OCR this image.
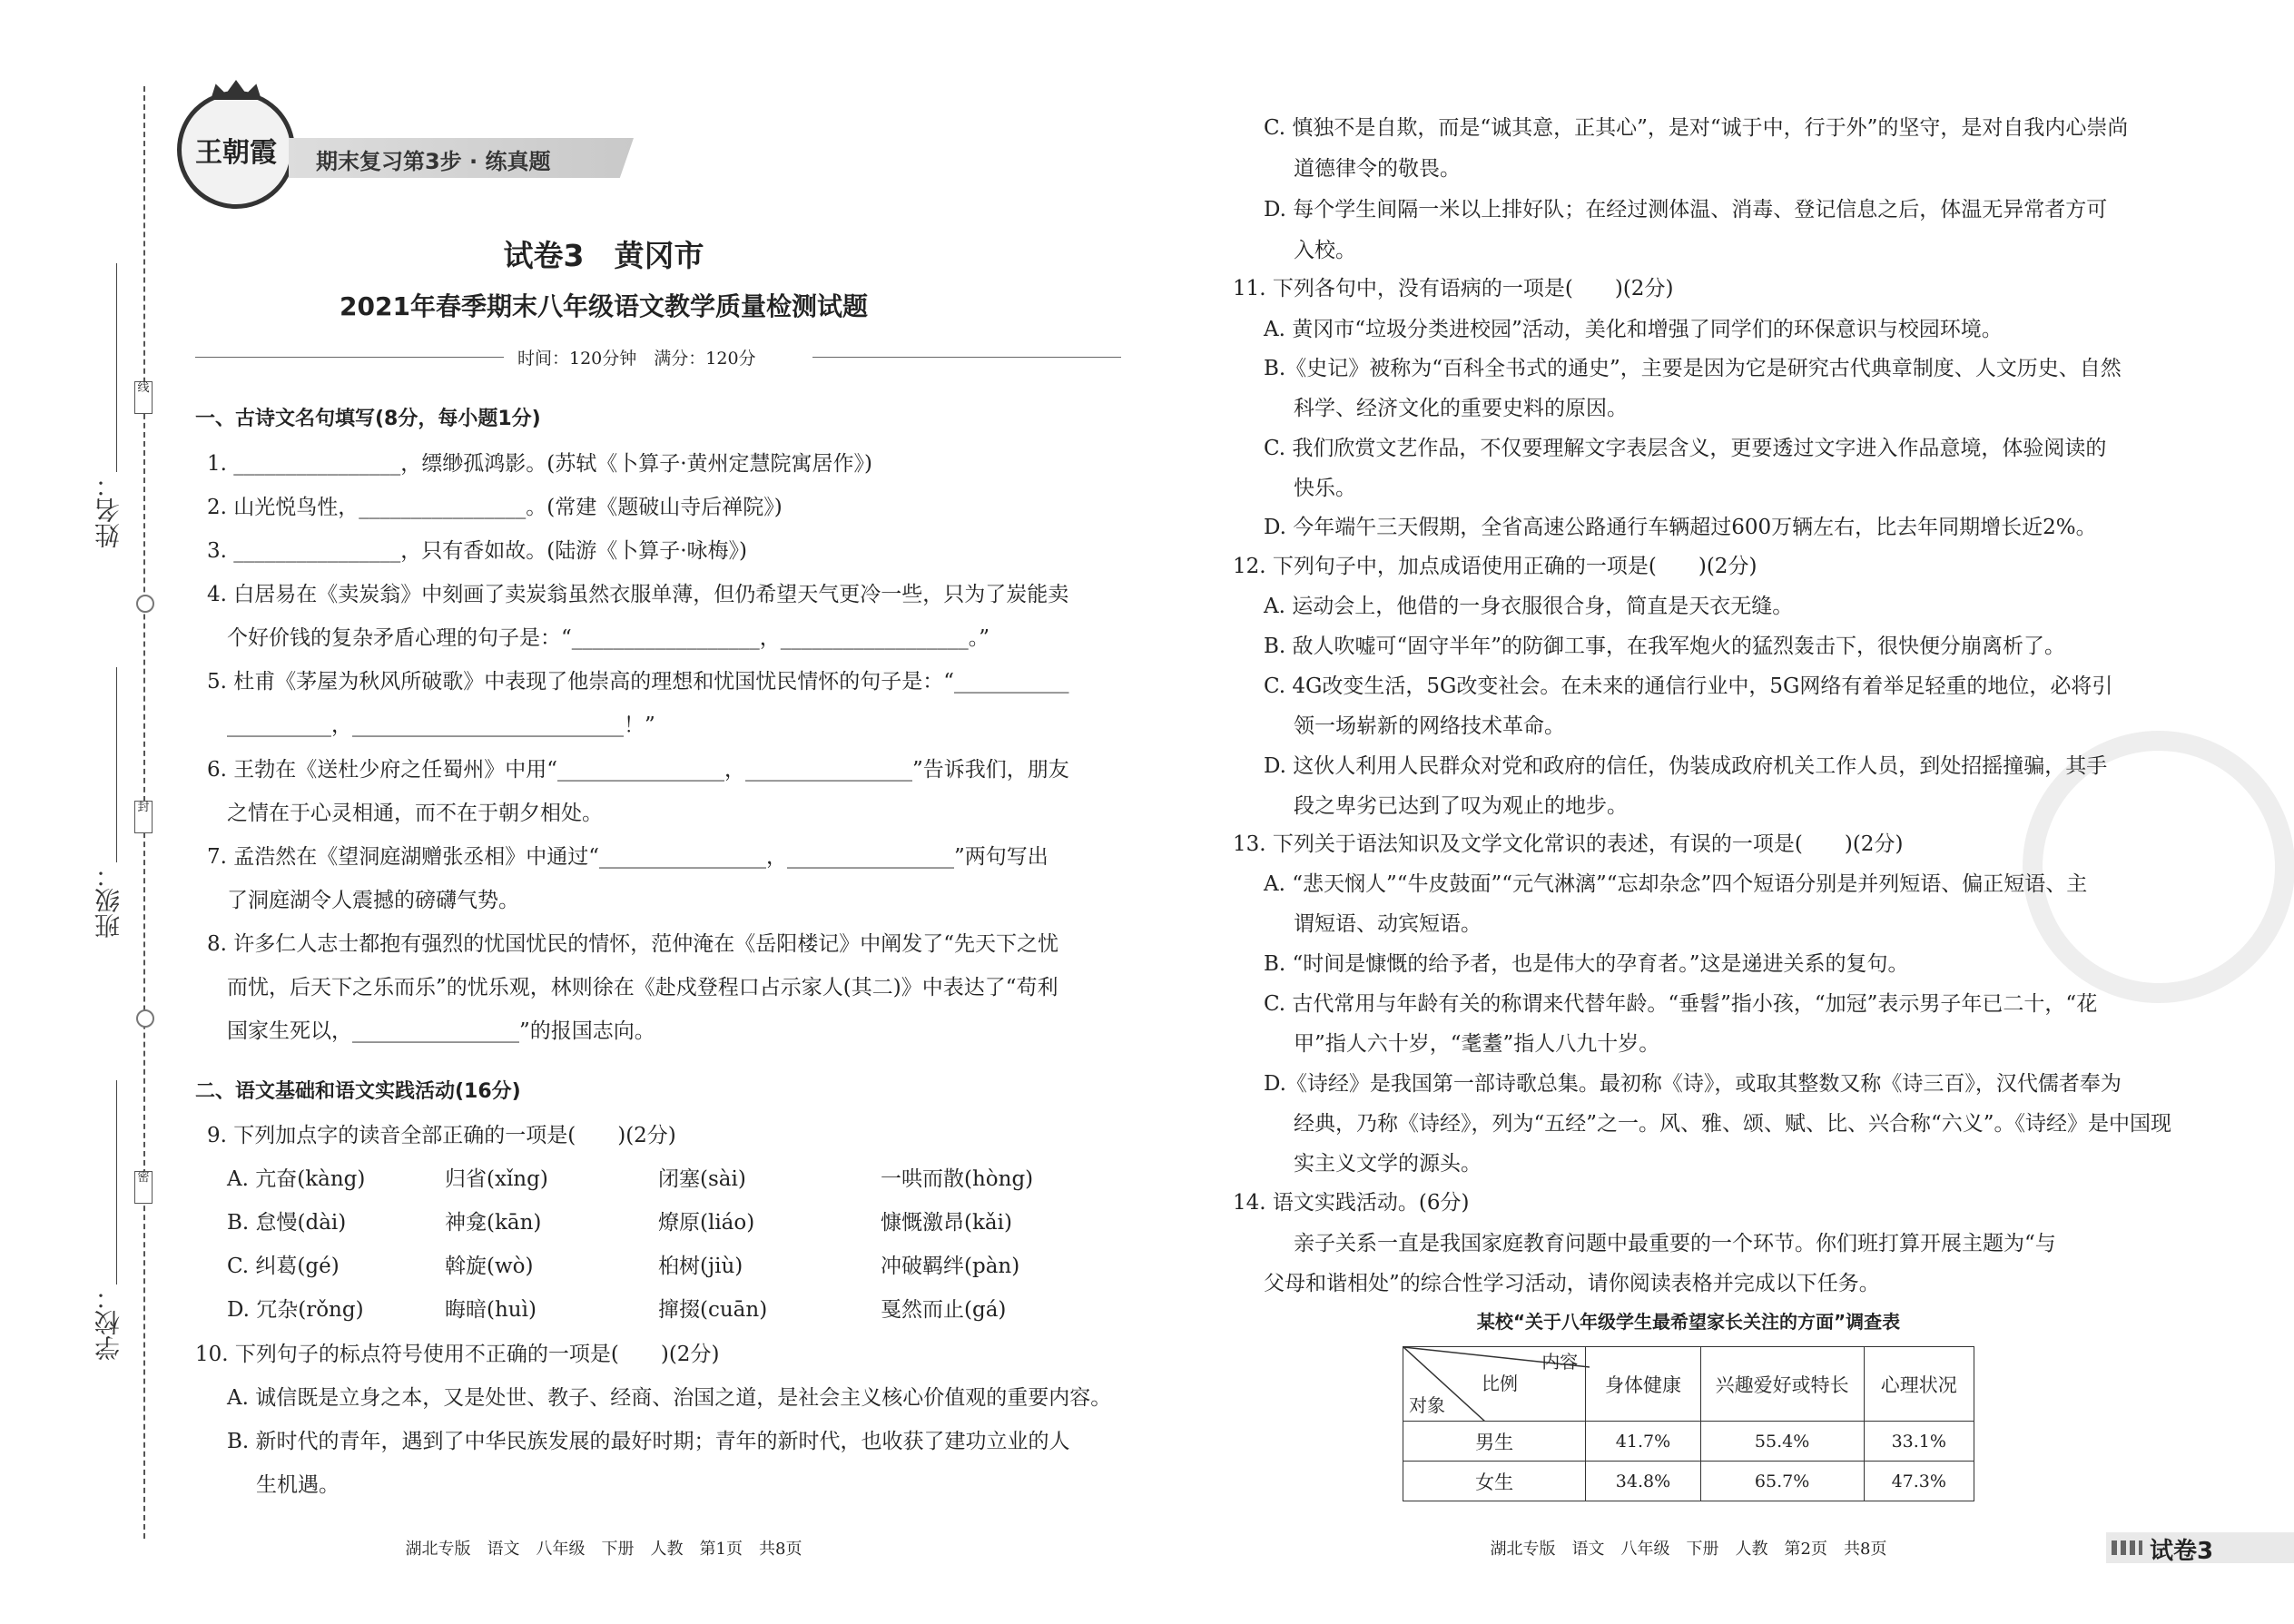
线
封
密
姓名：
班级：
学校：
王朝霞 期末复习第3步 · 练真题
试卷3　黄冈市
2021年春季期末八年级语文教学质量检测试题
时间：120分钟　满分：120分
一、古诗文名句填写(8分，每小题1分)
1. ________________，缥缈孤鸿影。(苏轼《卜算子·黄州定慧院寓居作》)
2. 山光悦鸟性，________________。(常建《题破山寺后禅院》)
3. ________________，只有香如故。(陆游《卜算子·咏梅》)
4. 白居易在《卖炭翁》中刻画了卖炭翁虽然衣服单薄，但仍希望天气更冷一些，只为了炭能卖
个好价钱的复杂矛盾心理的句子是：“__________________，__________________。”
5. 杜甫《茅屋为秋风所破歌》中表现了他崇高的理想和忧国忧民情怀的句子是：“___________
__________，__________________________！”
6. 王勃在《送杜少府之任蜀州》中用“________________，________________”告诉我们，朋友
之情在于心灵相通，而不在于朝夕相处。
7. 孟浩然在《望洞庭湖赠张丞相》中通过“________________，________________”两句写出
了洞庭湖令人震撼的磅礴气势。
8. 许多仁人志士都抱有强烈的忧国忧民的情怀，范仲淹在《岳阳楼记》中阐发了“先天下之忧
而忧，后天下之乐而乐”的忧乐观，林则徐在《赴戍登程口占示家人(其二)》中表达了“苟利
国家生死以，________________”的报国志向。
二、语文基础和语文实践活动(16分)
9. 下列加点字的读音全部正确的一项是(　　)(2分)
A. 亢奋(kàng)	归省(xǐng)	闭塞(sài)	一哄而散(hòng)
B. 怠慢(dài)	神龛(kān)	燎原(liáo)	慷慨激昂(kǎi)
C. 纠葛(gé)	斡旋(wò)	桕树(jiù)	冲破羁绊(pàn)
D. 冗杂(rǒng)	晦暗(huì)	撺掇(cuān)	戛然而止(gá)
10. 下列句子的标点符号使用不正确的一项是(　　)(2分)
A. 诚信既是立身之本，又是处世、教子、经商、治国之道，是社会主义核心价值观的重要内容。
B. 新时代的青年，遇到了中华民族发展的最好时期；青年的新时代，也收获了建功立业的人
生机遇。
湖北专版　语文　八年级　下册　人教　第1页　共8页
C. 慎独不是自欺，而是“诚其意，正其心”，是对“诚于中，行于外”的坚守，是对自我内心崇尚
道德律令的敬畏。
D. 每个学生间隔一米以上排好队；在经过测体温、消毒、登记信息之后，体温无异常者方可
入校。
11. 下列各句中，没有语病的一项是(　　)(2分)
A. 黄冈市“垃圾分类进校园”活动，美化和增强了同学们的环保意识与校园环境。
B.《史记》被称为“百科全书式的通史”，主要是因为它是研究古代典章制度、人文历史、自然
科学、经济文化的重要史料的原因。
C. 我们欣赏文艺作品，不仅要理解文字表层含义，更要透过文字进入作品意境，体验阅读的
快乐。
D. 今年端午三天假期，全省高速公路通行车辆超过600万辆左右，比去年同期增长近2%。
12. 下列句子中，加点成语使用正确的一项是(　　)(2分)
A. 运动会上，他借的一身衣服很合身，简直是天衣无缝。
B. 敌人吹嘘可“固守半年”的防御工事，在我军炮火的猛烈轰击下，很快便分崩离析了。
C. 4G改变生活，5G改变社会。在未来的通信行业中，5G网络有着举足轻重的地位，必将引
领一场崭新的网络技术革命。
D. 这伙人利用人民群众对党和政府的信任，伪装成政府机关工作人员，到处招摇撞骗，其手
段之卑劣已达到了叹为观止的地步。
13. 下列关于语法知识及文学文化常识的表述，有误的一项是(　　)(2分)
A. “悲天悯人”“牛皮鼓面”“元气淋漓”“忘却杂念”四个短语分别是并列短语、偏正短语、主
谓短语、动宾短语。
B. “时间是慷慨的给予者，也是伟大的孕育者。”这是递进关系的复句。
C. 古代常用与年龄有关的称谓来代替年龄。“垂髫”指小孩，“加冠”表示男子年已二十，“花
甲”指人六十岁，“耄耋”指人八九十岁。
D.《诗经》是我国第一部诗歌总集。最初称《诗》，或取其整数又称《诗三百》，汉代儒者奉为
经典，乃称《诗经》，列为“五经”之一。风、雅、颂、赋、比、兴合称“六义”。《诗经》是中国现
实主义文学的源头。
14. 语文实践活动。(6分)
亲子关系一直是我国家庭教育问题中最重要的一个环节。你们班打算开展主题为“与
父母和谐相处”的综合性学习活动，请你阅读表格并完成以下任务。
某校“关于八年级学生最希望家长关注的方面”调查表
内容
比例
对象	身体健康	兴趣爱好或特长	心理状况
男生	41.7%	55.4%	33.1%
女生	34.8%	65.7%	47.3%
湖北专版　语文　八年级　下册　人教　第2页　共8页	试卷3
